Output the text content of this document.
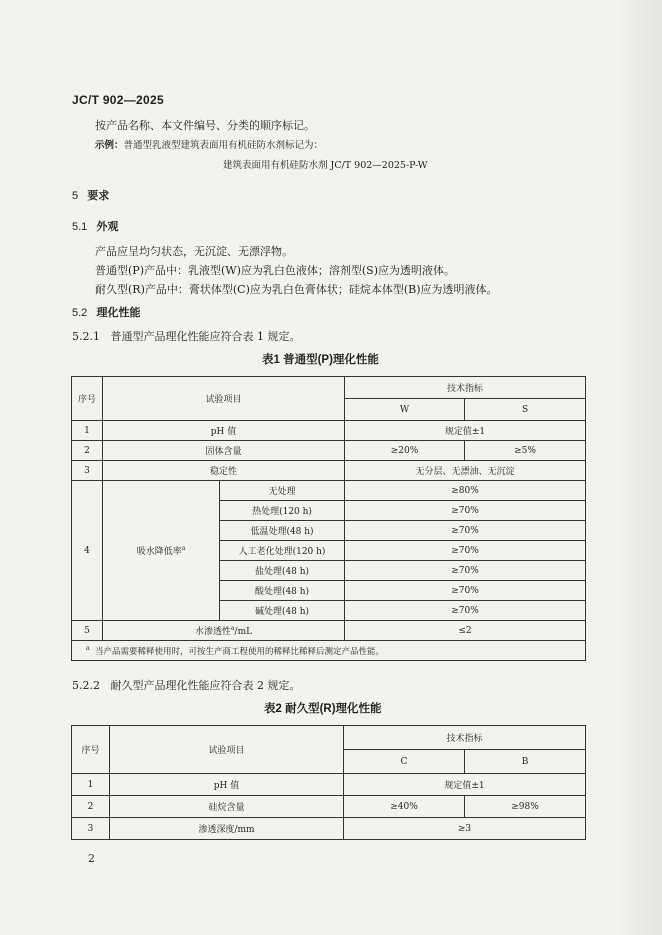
JC/T 902—2025
按产品名称、本文件编号、分类的顺序标记。
示例：普通型乳液型建筑表面用有机硅防水剂标记为：
建筑表面用有机硅防水剂 JC/T 902—2025-P-W
5 要求
5.1 外观
产品应呈均匀状态，无沉淀、无漂浮物。
普通型(P)产品中：乳液型(W)应为乳白色液体；溶剂型(S)应为透明液体。
耐久型(R)产品中：膏状体型(C)应为乳白色膏体状；硅烷本体型(B)应为透明液体。
5.2 理化性能
5.2.1 普通型产品理化性能应符合表 1 规定。
表1 普通型(P)理化性能
序号	试验项目		技术指标	
			W	S
1	pH 值		规定值±1	
2	固体含量		≥20%	≥5%
3	稳定性		无分层、无漂油、无沉淀	
4	吸水降低率$^a$	无处理	≥80%	
		热处理(120 h)	≥70%	
		低温处理(48 h)	≥70%	
		人工老化处理(120 h)	≥70%	
		盐处理(48 h)	≥70%	
		酸处理(48 h)	≥70%	
		碱处理(48 h)	≥70%	
5	水渗透性$^a$/mL		≤2	
$^a$ 当产品需要稀释使用时，可按生产商工程使用的稀释比稀释后测定产品性能。				
5.2.2 耐久型产品理化性能应符合表 2 规定。
表2 耐久型(R)理化性能
序号	试验项目	技术指标	
		C	B
1	pH 值	规定值±1	
2	硅烷含量	≥40%	≥98%
3	渗透深度/mm	≥3	
2
